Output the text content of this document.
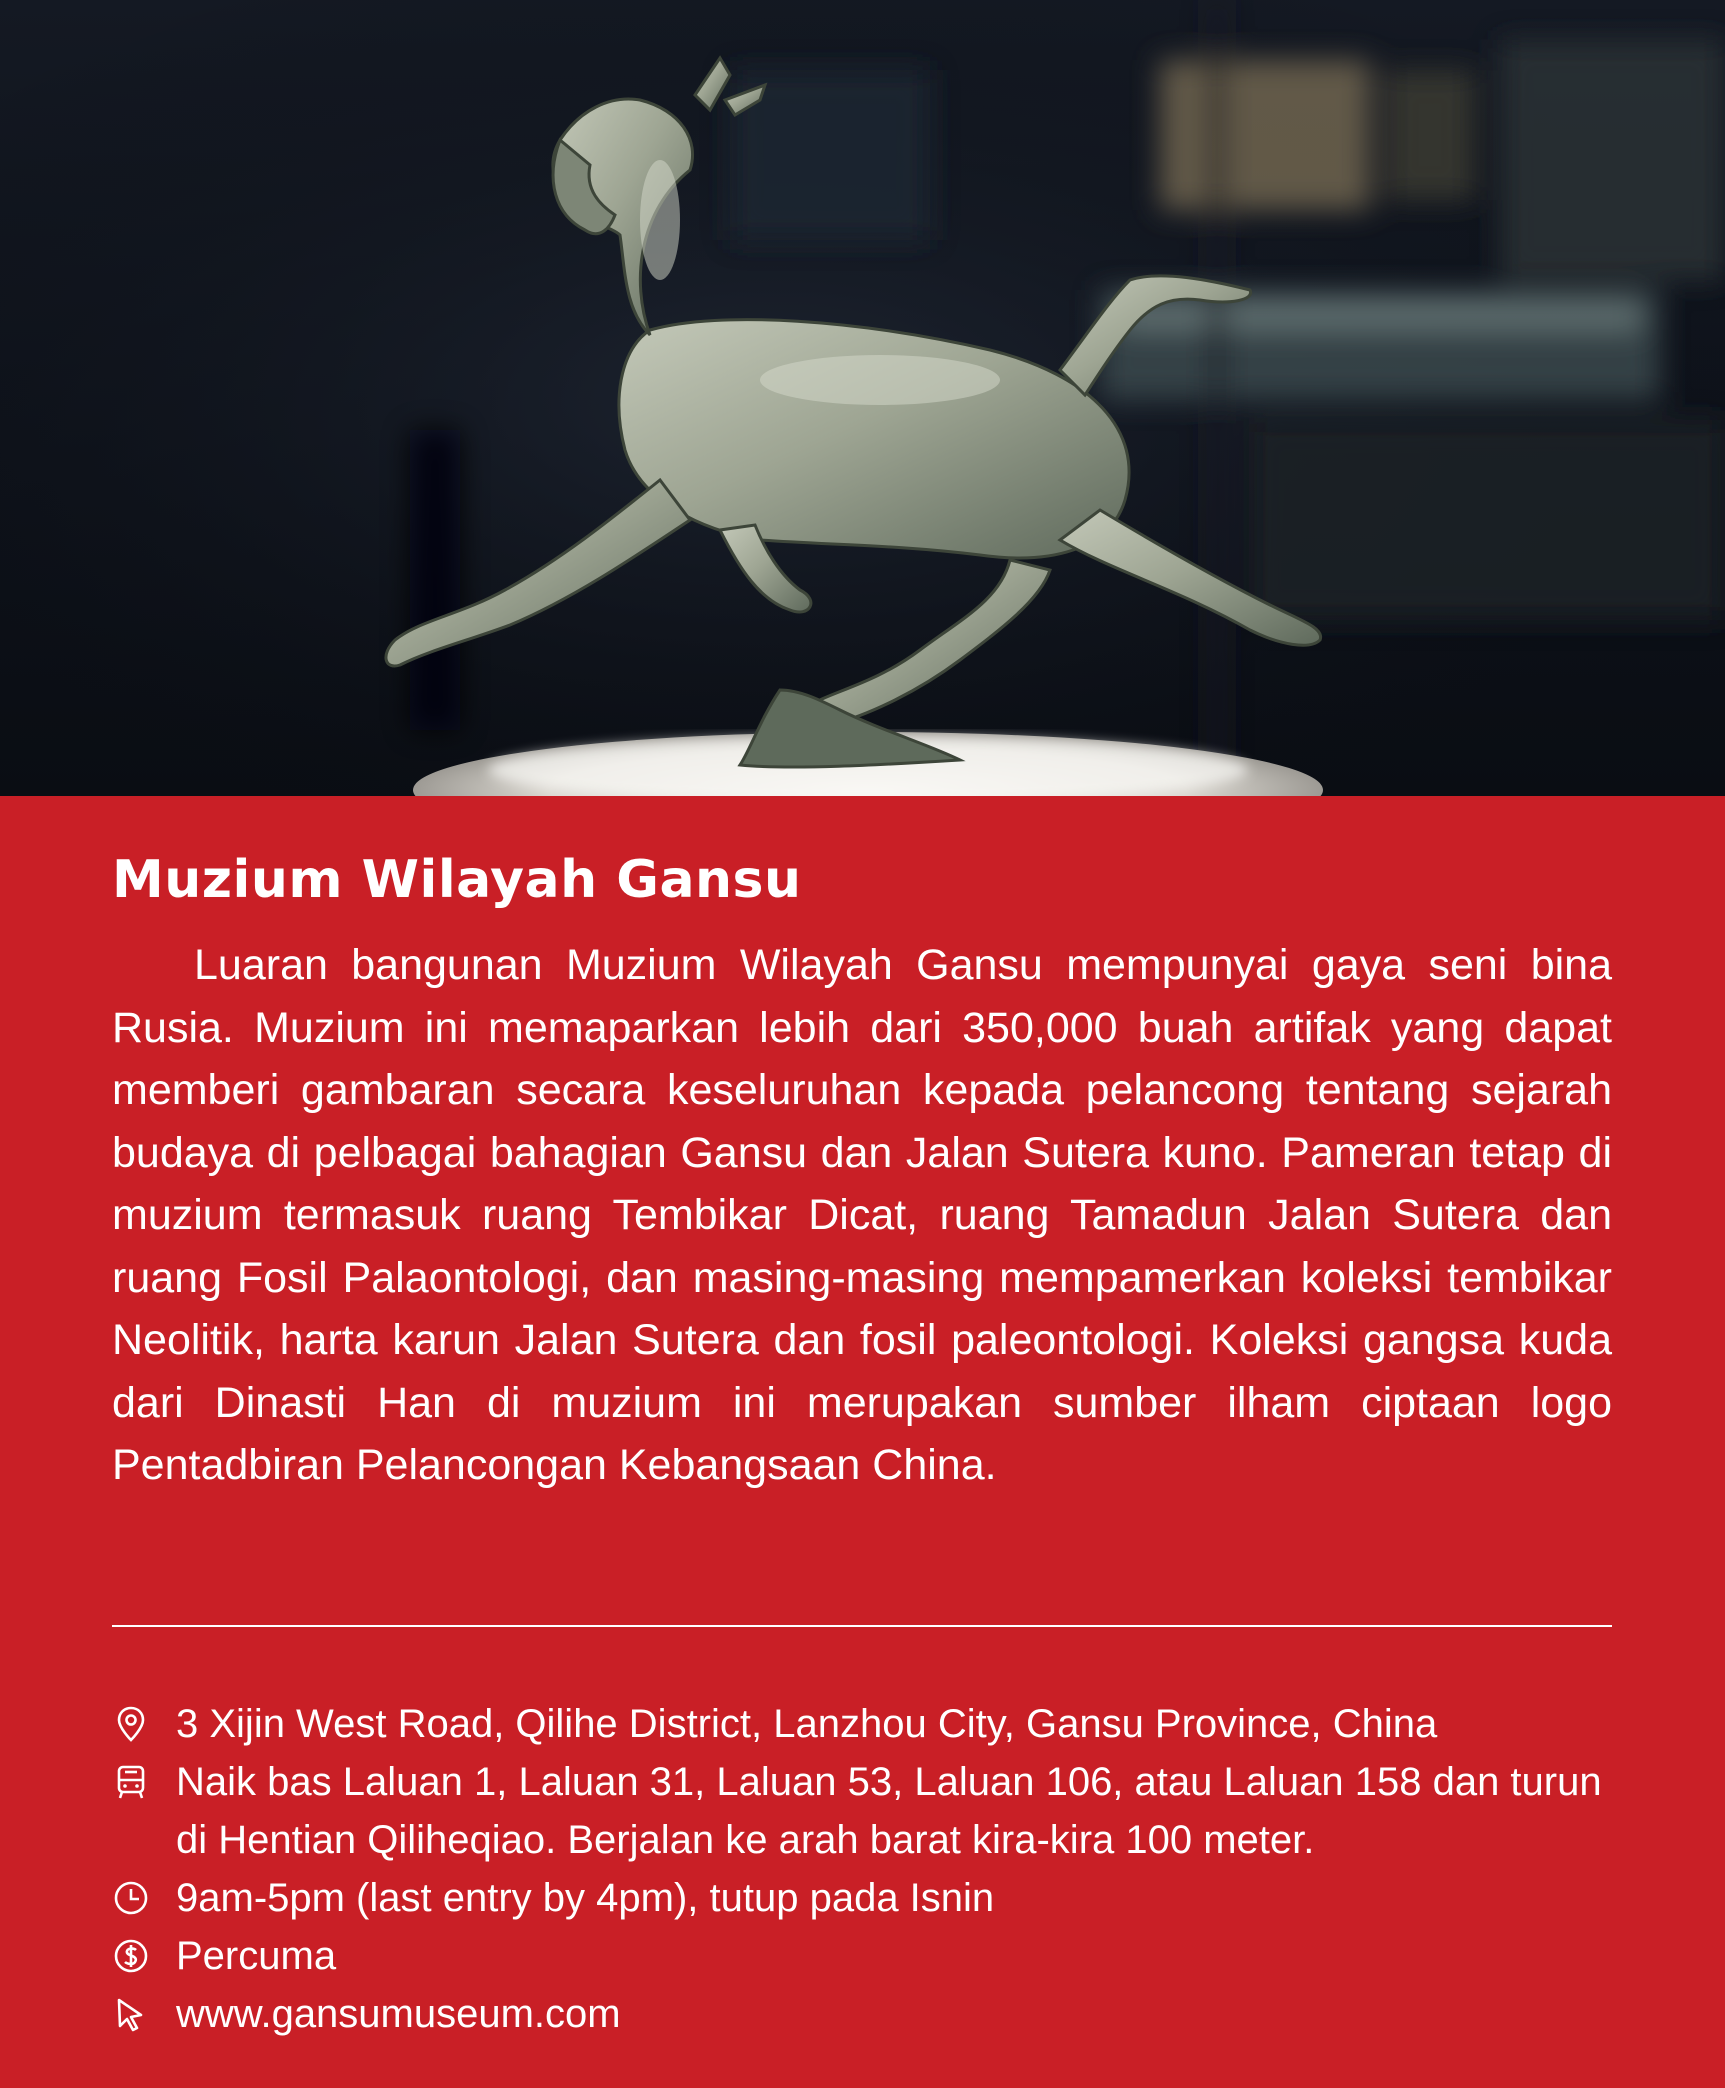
Muzium Wilayah Gansu

Luaran bangunan Muzium Wilayah Gansu mempunyai gaya seni bina Rusia. Muzium ini memaparkan lebih dari 350,000 buah artifak yang dapat memberi gambaran secara keseluruhan kepada pelancong tentang sejarah budaya di pelbagai bahagian Gansu dan Jalan Sutera kuno. Pameran tetap di muzium termasuk ruang Tembikar Dicat, ruang Tamadun Jalan Sutera dan ruang Fosil Palaontologi, dan masing-masing mempamerkan koleksi tembikar Neolitik, harta karun Jalan Sutera dan fosil paleontologi. Koleksi gangsa kuda dari Dinasti Han di muzium ini merupakan sumber ilham ciptaan logo Pentadbiran Pelancongan Kebangsaan China.

3 Xijin West Road, Qilihe District, Lanzhou City, Gansu Province, China
Naik bas Laluan 1, Laluan 31, Laluan 53, Laluan 106, atau Laluan 158 dan turun di Hentian Qiliheqiao. Berjalan ke arah barat kira-kira 100 meter.
9am-5pm (last entry by 4pm), tutup pada Isnin
Percuma
www.gansumuseum.com
